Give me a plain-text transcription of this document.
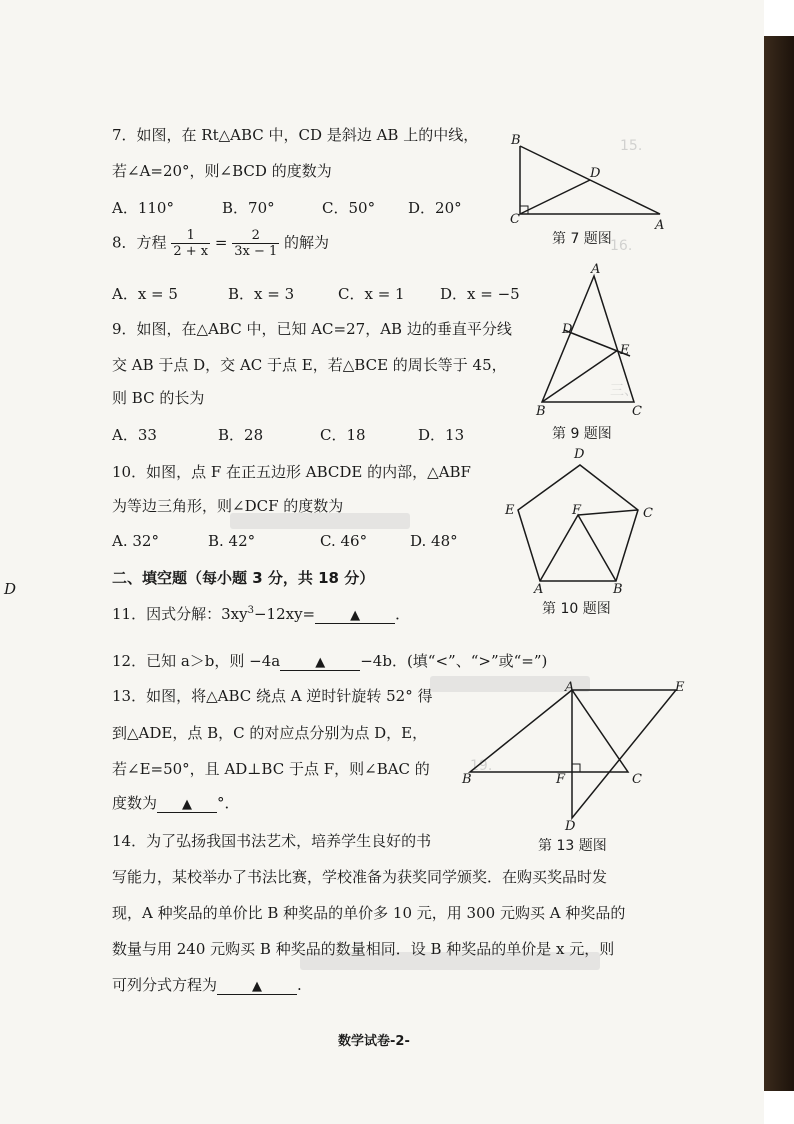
15.
16.
三、
19.
D
7．如图，在 Rt△ABC 中，CD 是斜边 AB 上的中线，
若∠A=20°，则∠BCD 的度数为
A．110°	B．70°	C．50° D．20°
B
D
C	A
第 7 题图
8．方程 $\frac{1}{2 + x} = \frac{2}{3x - 1}$ 的解为
A．x = 5	B．x = 3	C．x = 1 D．x = −5
9．如图，在△ABC 中，已知 AC=27，AB 边的垂直平分线
交 AB 于点 D，交 AC 于点 E，若△BCE 的周长等于 45，
则 BC 的长为
A．33	B．28	C．18	D．13
A
D
E
B	C
第 9 题图
10．如图，点 F 在正五边形 ABCDE 的内部，△ABF
为等边三角形，则∠DCF 的度数为
A. 32°	B. 42°	C. 46°	D. 48°
D
E	F	C
A	B
第 10 题图
二、填空题（每小题 3 分，共 18 分）
11．因式分解：$3xy^3-12xy=$	▲ ．
12．已知 a＞b，则 −4a	▲ −4b．(填“<”、“>”或“=”)
13．如图，将△ABC 绕点 A 逆时针旋转 52° 得
到△ADE，点 B，C 的对应点分别为点 D，E，
若∠E=50°，且 AD⊥BC 于点 F，则∠BAC 的
度数为 ▲ °．
A	E
B	F	C
D
第 13 题图
14．为了弘扬我国书法艺术，培养学生良好的书
写能力，某校举办了书法比赛，学校准备为获奖同学颁奖．在购买奖品时发
现，A 种奖品的单价比 B 种奖品的单价多 10 元，用 300 元购买 A 种奖品的
数量与用 240 元购买 B 种奖品的数量相同．设 B 种奖品的单价是 x 元，则
可列分式方程为	▲ .
数学试卷-2-
